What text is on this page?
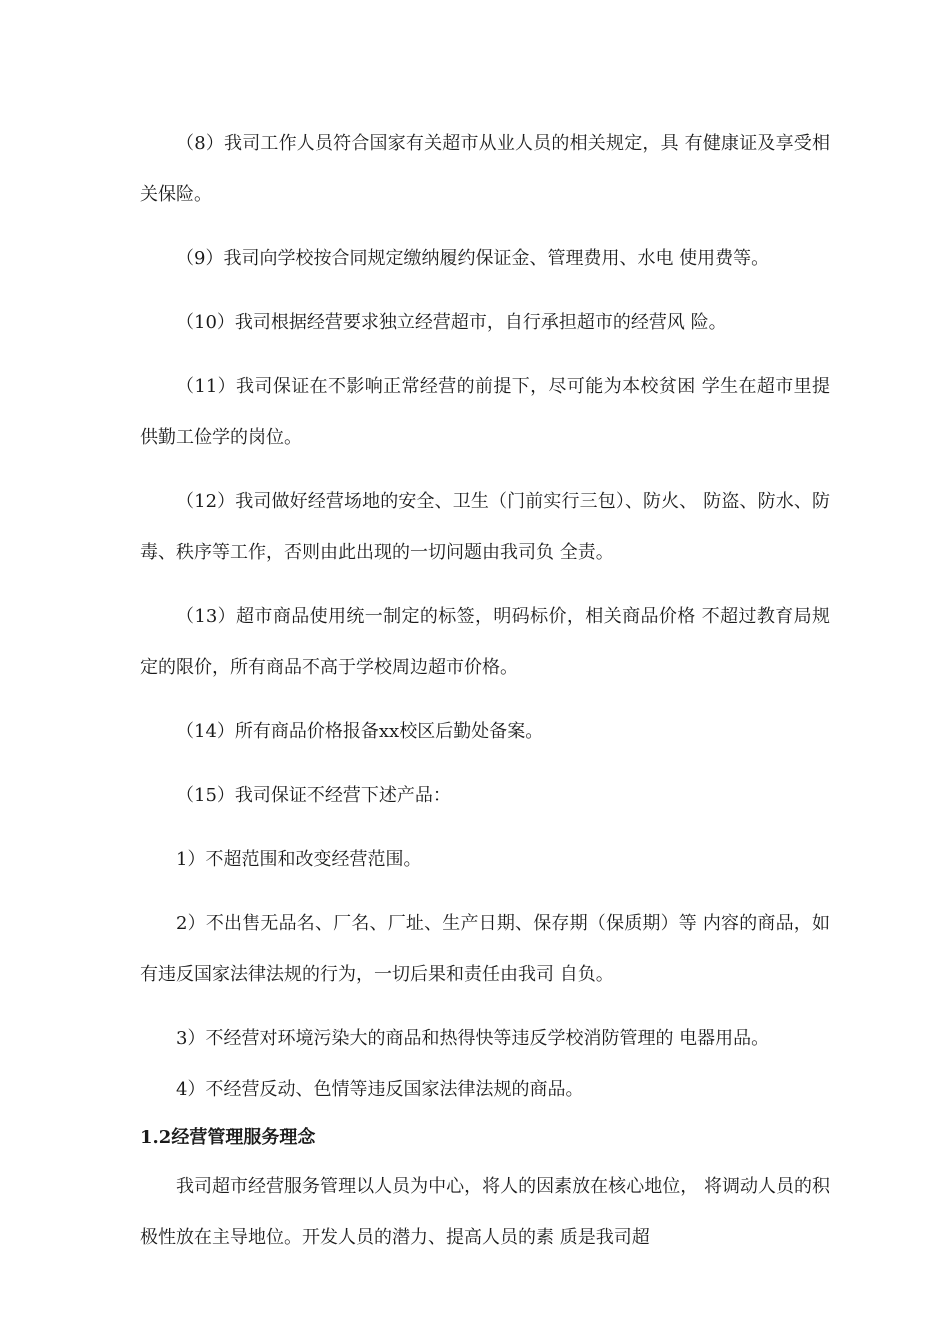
（8）我司工作人员符合国家有关超市从业人员的相关规定，具 有健康证及享受相关保险。

（9）我司向学校按合同规定缴纳履约保证金、管理费用、水电 使用费等。

（10）我司根据经营要求独立经营超市，自行承担超市的经营风 险。

（11）我司保证在不影响正常经营的前提下，尽可能为本校贫困 学生在超市里提供勤工俭学的岗位。

（12）我司做好经营场地的安全、卫生（门前实行三包）、防火、 防盗、防水、防毒、秩序等工作，否则由此出现的一切问题由我司负 全责。

（13）超市商品使用统一制定的标签，明码标价，相关商品价格 不超过教育局规定的限价，所有商品不高于学校周边超市价格。

（14）所有商品价格报备xx校区后勤处备案。

（15）我司保证不经营下述产品：

1）不超范围和改变经营范围。

2）不出售无品名、厂名、厂址、生产日期、保存期（保质期）等 内容的商品，如有违反国家法律法规的行为，一切后果和责任由我司 自负。

3）不经营对环境污染大的商品和热得快等违反学校消防管理的 电器用品。

4）不经营反动、色情等违反国家法律法规的商品。

1.2经营管理服务理念

我司超市经营服务管理以人员为中心，将人的因素放在核心地位， 将调动人员的积极性放在主导地位。开发人员的潜力、提高人员的素 质是我司超
